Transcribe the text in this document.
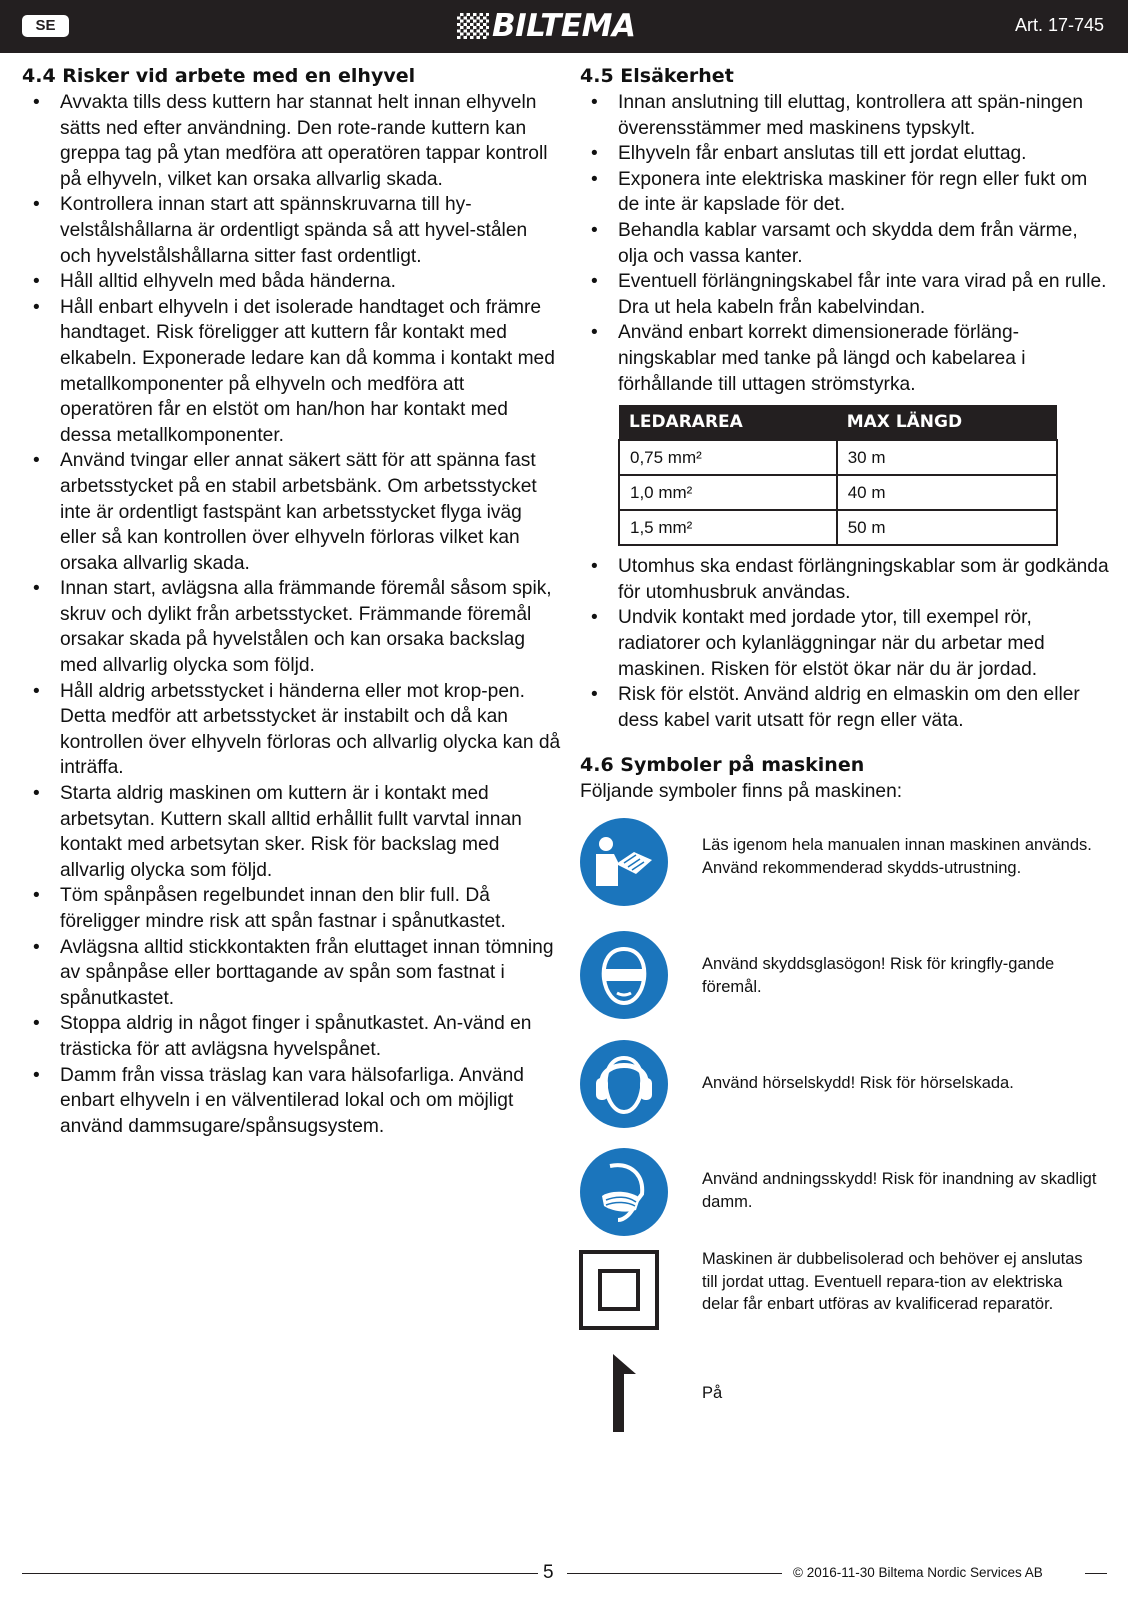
SE	BILTEMA	Art. 17-745
4.4 Risker vid arbete med en elhyvel
• Avvakta tills dess kuttern har stannat helt innan elhyveln sätts ned efter användning. Den rote-rande kuttern kan greppa tag på ytan medföra att operatören tappar kontroll på elhyveln, vilket kan orsaka allvarlig skada.
• Kontrollera innan start att spännskruvarna till hy-velstålshållarna är ordentligt spända så att hyvel-stålen och hyvelstålshållarna sitter fast ordentligt.
• Håll alltid elhyveln med båda händerna.
• Håll enbart elhyveln i det isolerade handtaget och främre handtaget. Risk föreligger att kuttern får kontakt med elkabeln. Exponerade ledare kan då komma i kontakt med metallkomponenter på elhyveln och medföra att operatören får en elstöt om han/hon har kontakt med dessa metallkomponenter.
• Använd tvingar eller annat säkert sätt för att spänna fast arbetsstycket på en stabil arbetsbänk. Om arbetsstycket inte är ordentligt fastspänt kan arbetsstycket flyga iväg eller så kan kontrollen över elhyveln förloras vilket kan orsaka allvarlig skada.
• Innan start, avlägsna alla främmande föremål såsom spik, skruv och dylikt från arbetsstycket. Främmande föremål orsakar skada på hyvelstålen och kan orsaka backslag med allvarlig olycka som följd.
• Håll aldrig arbetsstycket i händerna eller mot krop-pen. Detta medför att arbetsstycket är instabilt och då kan kontrollen över elhyveln förloras och allvarlig olycka kan då inträffa.
• Starta aldrig maskinen om kuttern är i kontakt med arbetsytan. Kuttern skall alltid erhållit fullt varvtal innan kontakt med arbetsytan sker. Risk för backslag med allvarlig olycka som följd.
• Töm spånpåsen regelbundet innan den blir full. Då föreligger mindre risk att spån fastnar i spånutkastet.
• Avlägsna alltid stickkontakten från eluttaget innan tömning av spånpåse eller borttagande av spån som fastnat i spånutkastet.
• Stoppa aldrig in något finger i spånutkastet. An-vänd en trästicka för att avlägsna hyvelspånet.
• Damm från vissa träslag kan vara hälsofarliga. Använd enbart elhyveln i en välventilerad lokal och om möjligt använd dammsugare/spånsugsystem.
4.5 Elsäkerhet
• Innan anslutning till eluttag, kontrollera att spän-ningen överensstämmer med maskinens typskylt.
• Elhyveln får enbart anslutas till ett jordat eluttag.
• Exponera inte elektriska maskiner för regn eller fukt om de inte är kapslade för det.
• Behandla kablar varsamt och skydda dem från värme, olja och vassa kanter.
• Eventuell förlängningskabel får inte vara virad på en rulle. Dra ut hela kabeln från kabelvindan.
• Använd enbart korrekt dimensionerade förläng-ningskablar med tanke på längd och kabelarea i förhållande till uttagen strömstyrka.
LEDARAREA	MAX LÄNGD
0,75 mm²	30 m
1,0 mm²	40 m
1,5 mm²	50 m
• Utomhus ska endast förlängningskablar som är godkända för utomhusbruk användas.
• Undvik kontakt med jordade ytor, till exempel rör, radiatorer och kylanläggningar när du arbetar med maskinen. Risken för elstöt ökar när du är jordad.
• Risk för elstöt. Använd aldrig en elmaskin om den eller dess kabel varit utsatt för regn eller väta.
4.6 Symboler på maskinen

Följande symboler finns på maskinen:

Läs igenom hela manualen innan maskinen används. Använd rekommenderad skydds-utrustning.
Använd skyddsglasögon! Risk för kringfly-gande föremål.
Använd hörselskydd! Risk för hörselskada.
Använd andningsskydd! Risk för inandning av skadligt damm.
Maskinen är dubbelisolerad och behöver ej anslutas till jordat uttag. Eventuell repara-tion av elektriska delar får enbart utföras av kvalificerad reparatör.
På
5	© 2016-11-30 Biltema Nordic Services AB
